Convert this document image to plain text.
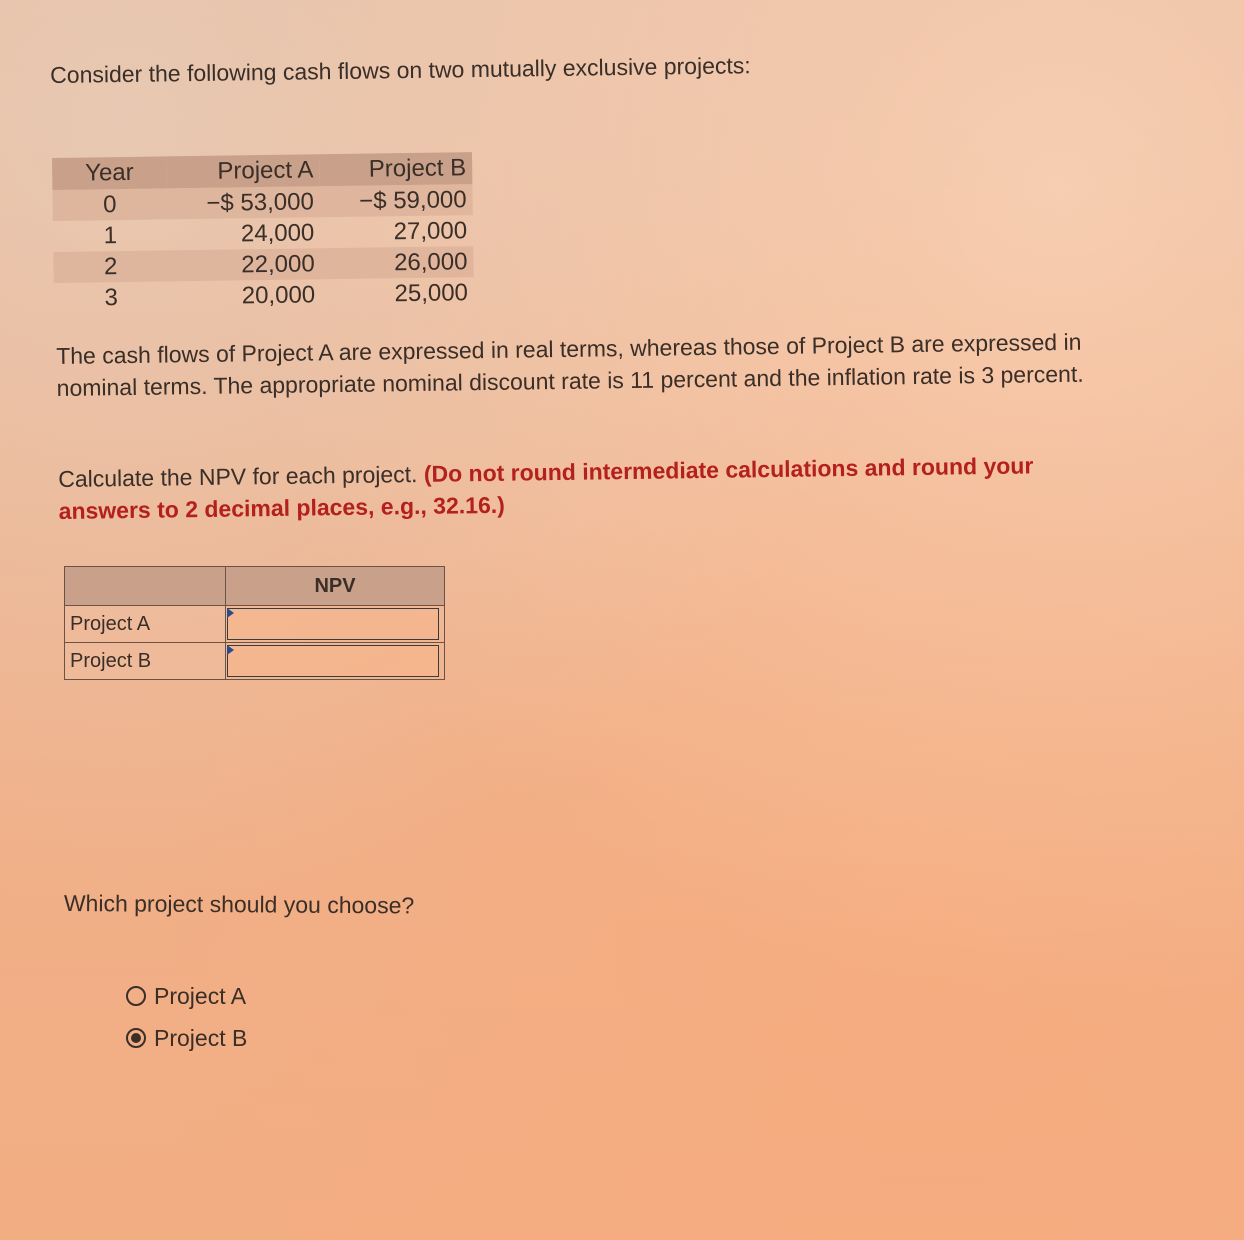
Consider the following cash flows on two mutually exclusive projects:
Year	Project A	Project B
0	−$ 53,000	−$ 59,000
1	24,000	27,000
2	22,000	26,000
3	20,000	25,000
The cash flows of Project A are expressed in real terms, whereas those of Project B are expressed in nominal terms. The appropriate nominal discount rate is 11 percent and the inflation rate is 3 percent.
Calculate the NPV for each project. (Do not round intermediate calculations and round your answers to 2 decimal places, e.g., 32.16.)
	NPV
Project A	

Project B	
Which project should you choose?
Project A
Project B
